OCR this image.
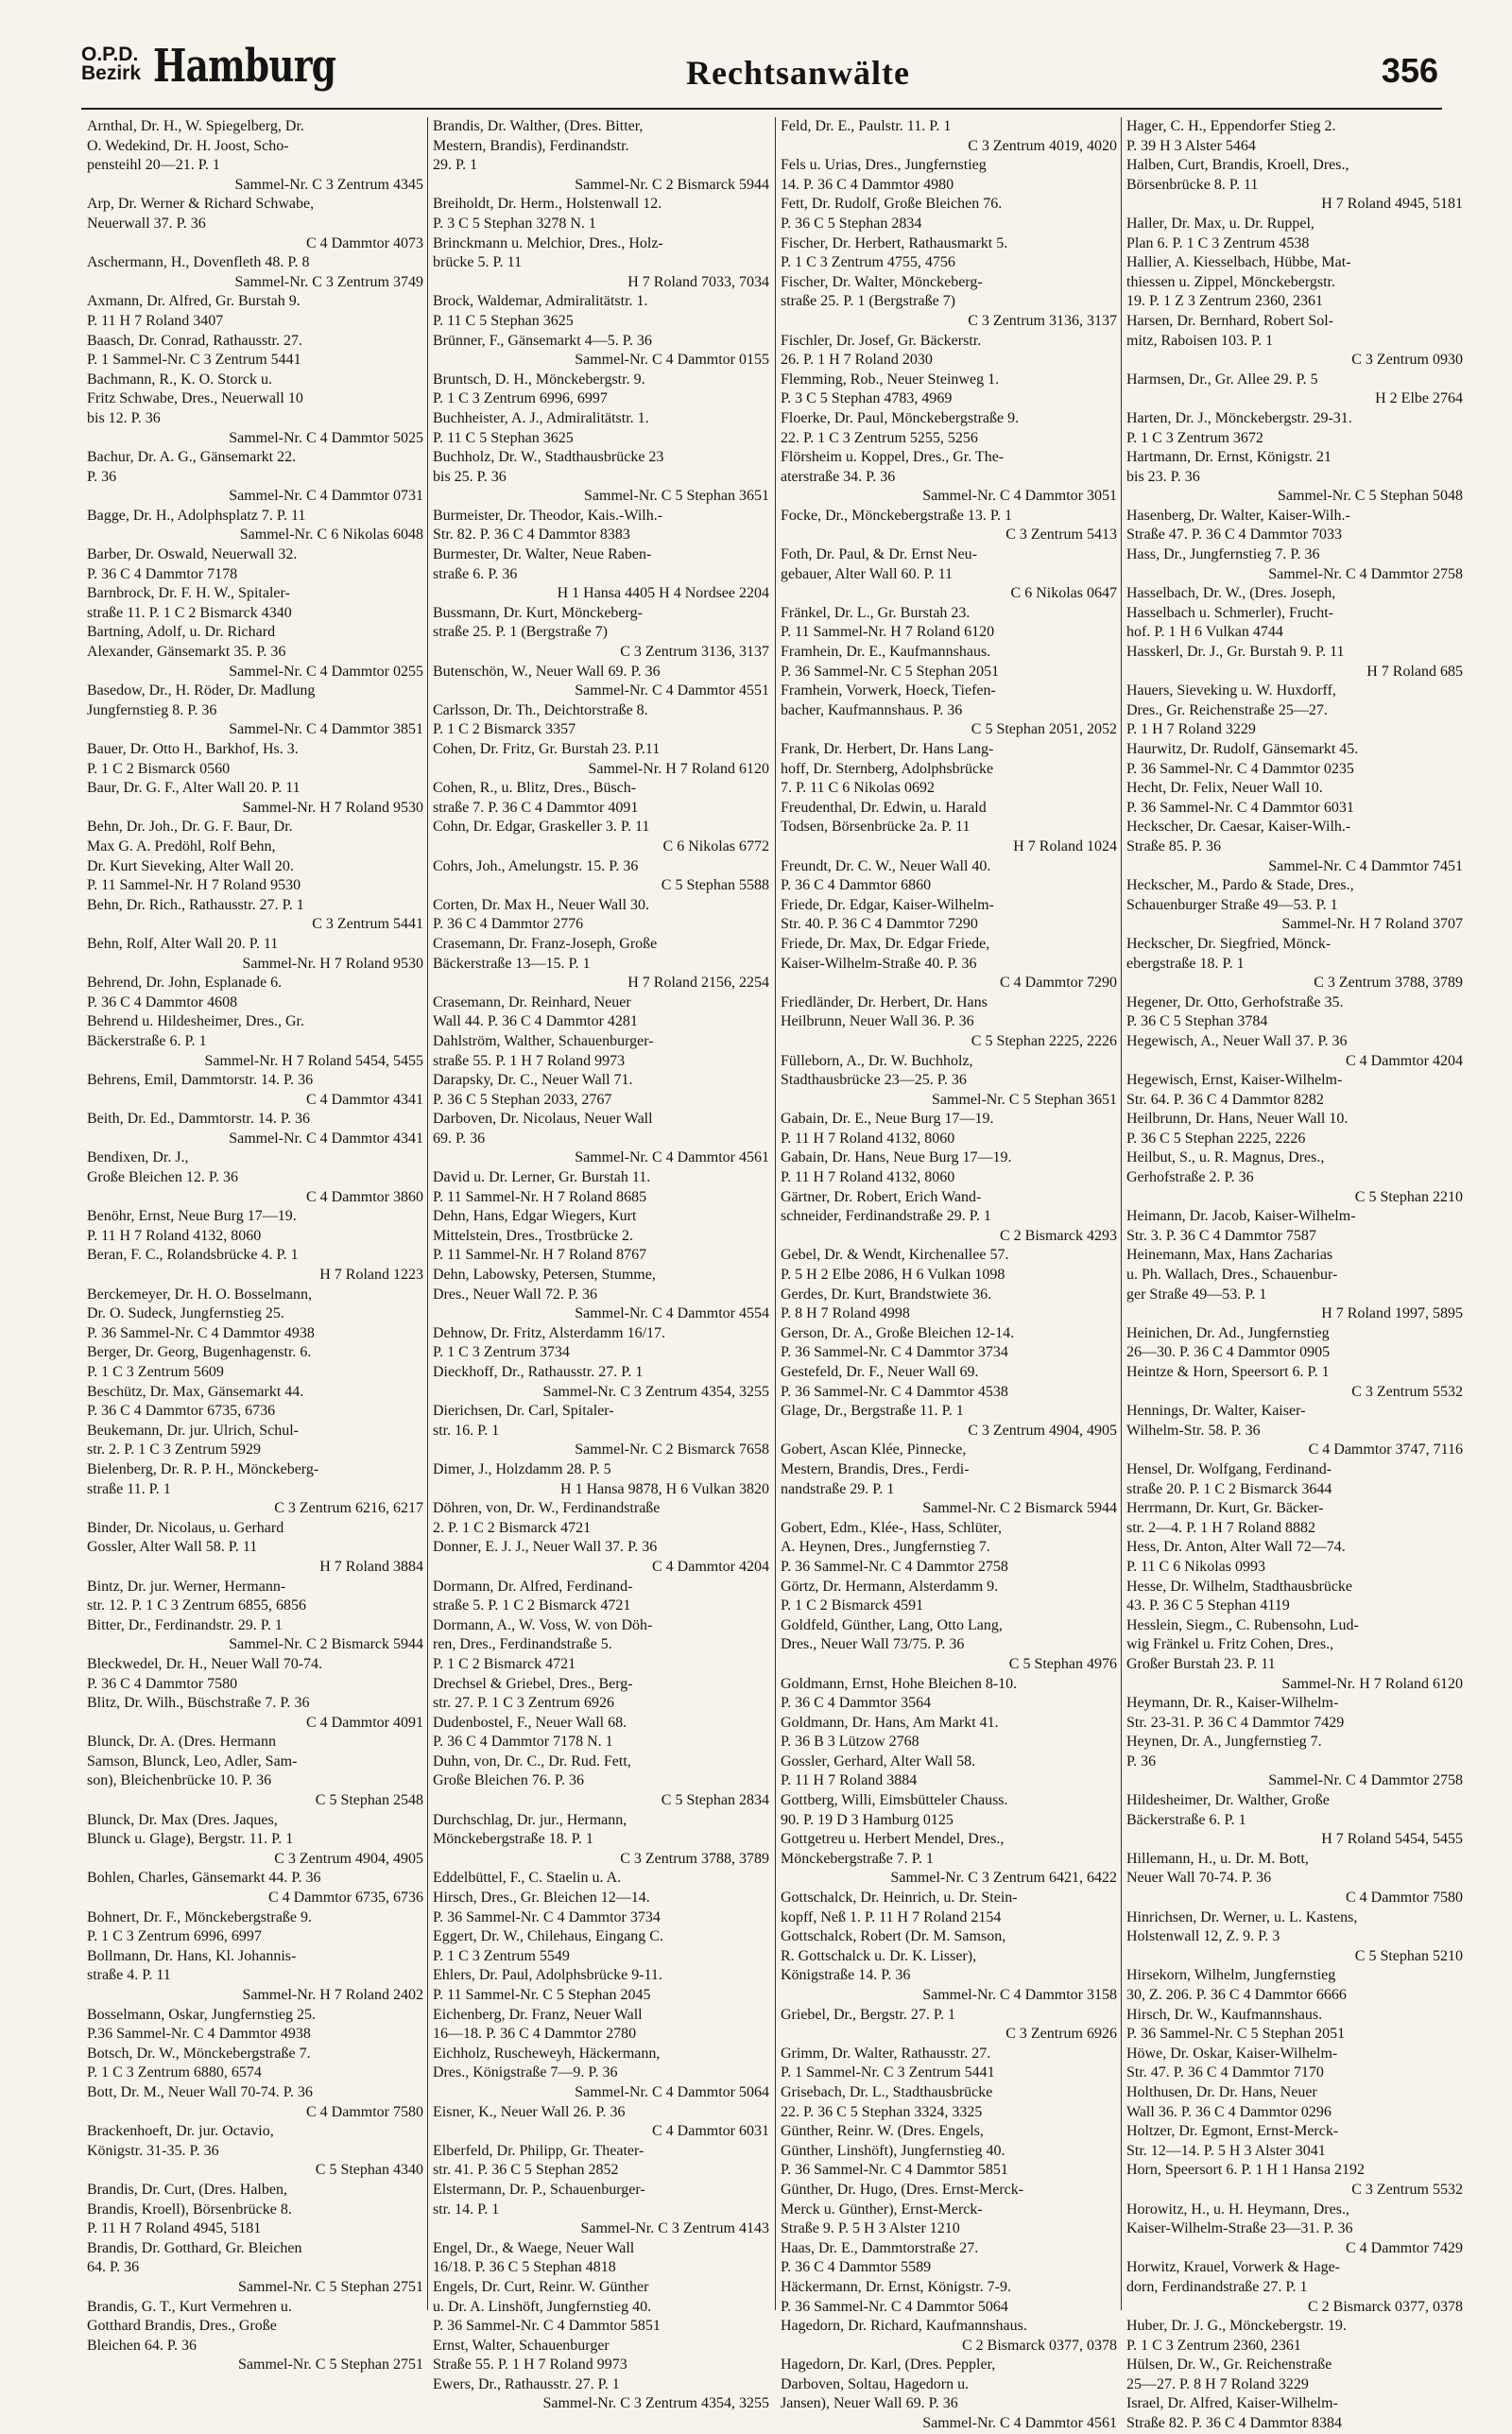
O.P.D.
Bezirk Hamburg	Rechtsanwälte	356
Arnthal, Dr. H., W. Spiegelberg, Dr.
O. Wedekind, Dr. H. Joost, Scho-
pensteihl 20—21. P. 1
Sammel-Nr. C 3 Zentrum 4345
Arp, Dr. Werner & Richard Schwabe,
Neuerwall 37. P. 36
C 4 Dammtor 4073
Aschermann, H., Dovenfleth 48. P. 8
Sammel-Nr. C 3 Zentrum 3749
Axmann, Dr. Alfred, Gr. Burstah 9.
P. 11 H 7 Roland 3407
Baasch, Dr. Conrad, Rathausstr. 27.
P. 1 Sammel-Nr. C 3 Zentrum 5441
Bachmann, R., K. O. Storck u.
Fritz Schwabe, Dres., Neuerwall 10
bis 12. P. 36
Sammel-Nr. C 4 Dammtor 5025
Bachur, Dr. A. G., Gänsemarkt 22.
P. 36
Sammel-Nr. C 4 Dammtor 0731
Bagge, Dr. H., Adolphsplatz 7. P. 11
Sammel-Nr. C 6 Nikolas 6048
Barber, Dr. Oswald, Neuerwall 32.
P. 36 C 4 Dammtor 7178
Barnbrock, Dr. F. H. W., Spitaler-
straße 11. P. 1 C 2 Bismarck 4340
Bartning, Adolf, u. Dr. Richard
Alexander, Gänsemarkt 35. P. 36
Sammel-Nr. C 4 Dammtor 0255
Basedow, Dr., H. Röder, Dr. Madlung
Jungfernstieg 8. P. 36
Sammel-Nr. C 4 Dammtor 3851
Bauer, Dr. Otto H., Barkhof, Hs. 3.
P. 1 C 2 Bismarck 0560
Baur, Dr. G. F., Alter Wall 20. P. 11
Sammel-Nr. H 7 Roland 9530
Behn, Dr. Joh., Dr. G. F. Baur, Dr.
Max G. A. Predöhl, Rolf Behn,
Dr. Kurt Sieveking, Alter Wall 20.
P. 11 Sammel-Nr. H 7 Roland 9530
Behn, Dr. Rich., Rathausstr. 27. P. 1
C 3 Zentrum 5441
Behn, Rolf, Alter Wall 20. P. 11
Sammel-Nr. H 7 Roland 9530
Behrend, Dr. John, Esplanade 6.
P. 36 C 4 Dammtor 4608
Behrend u. Hildesheimer, Dres., Gr.
Bäckerstraße 6. P. 1
Sammel-Nr. H 7 Roland 5454, 5455
Behrens, Emil, Dammtorstr. 14. P. 36
C 4 Dammtor 4341
Beith, Dr. Ed., Dammtorstr. 14. P. 36
Sammel-Nr. C 4 Dammtor 4341
Bendixen, Dr. J.,
Große Bleichen 12. P. 36
C 4 Dammtor 3860
Benöhr, Ernst, Neue Burg 17—19.
P. 11 H 7 Roland 4132, 8060
Beran, F. C., Rolandsbrücke 4. P. 1
H 7 Roland 1223
Berckemeyer, Dr. H. O. Bosselmann,
Dr. O. Sudeck, Jungfernstieg 25.
P. 36 Sammel-Nr. C 4 Dammtor 4938
Berger, Dr. Georg, Bugenhagenstr. 6.
P. 1 C 3 Zentrum 5609
Beschütz, Dr. Max, Gänsemarkt 44.
P. 36 C 4 Dammtor 6735, 6736
Beukemann, Dr. jur. Ulrich, Schul-
str. 2. P. 1 C 3 Zentrum 5929
Bielenberg, Dr. R. P. H., Mönckeberg-
straße 11. P. 1
C 3 Zentrum 6216, 6217
Binder, Dr. Nicolaus, u. Gerhard
Gossler, Alter Wall 58. P. 11
H 7 Roland 3884
Bintz, Dr. jur. Werner, Hermann-
str. 12. P. 1 C 3 Zentrum 6855, 6856
Bitter, Dr., Ferdinandstr. 29. P. 1
Sammel-Nr. C 2 Bismarck 5944
Bleckwedel, Dr. H., Neuer Wall 70-74.
P. 36 C 4 Dammtor 7580
Blitz, Dr. Wilh., Büschstraße 7. P. 36
C 4 Dammtor 4091
Blunck, Dr. A. (Dres. Hermann
Samson, Blunck, Leo, Adler, Sam-
son), Bleichenbrücke 10. P. 36
C 5 Stephan 2548
Blunck, Dr. Max (Dres. Jaques,
Blunck u. Glage), Bergstr. 11. P. 1
C 3 Zentrum 4904, 4905
Bohlen, Charles, Gänsemarkt 44. P. 36
C 4 Dammtor 6735, 6736
Bohnert, Dr. F., Mönckebergstraße 9.
P. 1 C 3 Zentrum 6996, 6997
Bollmann, Dr. Hans, Kl. Johannis-
straße 4. P. 11
Sammel-Nr. H 7 Roland 2402
Bosselmann, Oskar, Jungfernstieg 25.
P.36 Sammel-Nr. C 4 Dammtor 4938
Botsch, Dr. W., Mönckebergstraße 7.
P. 1 C 3 Zentrum 6880, 6574
Bott, Dr. M., Neuer Wall 70-74. P. 36
C 4 Dammtor 7580
Brackenhoeft, Dr. jur. Octavio,
Königstr. 31-35. P. 36
C 5 Stephan 4340
Brandis, Dr. Curt, (Dres. Halben,
Brandis, Kroell), Börsenbrücke 8.
P. 11 H 7 Roland 4945, 5181
Brandis, Dr. Gotthard, Gr. Bleichen
64. P. 36
Sammel-Nr. C 5 Stephan 2751
Brandis, G. T., Kurt Vermehren u.
Gotthard Brandis, Dres., Große
Bleichen 64. P. 36
Sammel-Nr. C 5 Stephan 2751
Brandis, Dr. Walther, (Dres. Bitter,
Mestern, Brandis), Ferdinandstr.
29. P. 1
Sammel-Nr. C 2 Bismarck 5944
Breiholdt, Dr. Herm., Holstenwall 12.
P. 3 C 5 Stephan 3278 N. 1
Brinckmann u. Melchior, Dres., Holz-
brücke 5. P. 11
H 7 Roland 7033, 7034
Brock, Waldemar, Admiralitätstr. 1.
P. 11 C 5 Stephan 3625
Brünner, F., Gänsemarkt 4—5. P. 36
Sammel-Nr. C 4 Dammtor 0155
Bruntsch, D. H., Mönckebergstr. 9.
P. 1 C 3 Zentrum 6996, 6997
Buchheister, A. J., Admiralitätstr. 1.
P. 11 C 5 Stephan 3625
Buchholz, Dr. W., Stadthausbrücke 23
bis 25. P. 36
Sammel-Nr. C 5 Stephan 3651
Burmeister, Dr. Theodor, Kais.-Wilh.-
Str. 82. P. 36 C 4 Dammtor 8383
Burmester, Dr. Walter, Neue Raben-
straße 6. P. 36
H 1 Hansa 4405 H 4 Nordsee 2204
Bussmann, Dr. Kurt, Mönckeberg-
straße 25. P. 1 (Bergstraße 7)
C 3 Zentrum 3136, 3137
Butenschön, W., Neuer Wall 69. P. 36
Sammel-Nr. C 4 Dammtor 4551
Carlsson, Dr. Th., Deichtorstraße 8.
P. 1 C 2 Bismarck 3357
Cohen, Dr. Fritz, Gr. Burstah 23. P.11
Sammel-Nr. H 7 Roland 6120
Cohen, R., u. Blitz, Dres., Büsch-
straße 7. P. 36 C 4 Dammtor 4091
Cohn, Dr. Edgar, Graskeller 3. P. 11
C 6 Nikolas 6772
Cohrs, Joh., Amelungstr. 15. P. 36
C 5 Stephan 5588
Corten, Dr. Max H., Neuer Wall 30.
P. 36 C 4 Dammtor 2776
Crasemann, Dr. Franz-Joseph, Große
Bäckerstraße 13—15. P. 1
H 7 Roland 2156, 2254
Crasemann, Dr. Reinhard, Neuer
Wall 44. P. 36 C 4 Dammtor 4281
Dahlström, Walther, Schauenburger-
straße 55. P. 1 H 7 Roland 9973
Darapsky, Dr. C., Neuer Wall 71.
P. 36 C 5 Stephan 2033, 2767
Darboven, Dr. Nicolaus, Neuer Wall
69. P. 36
Sammel-Nr. C 4 Dammtor 4561
David u. Dr. Lerner, Gr. Burstah 11.
P. 11 Sammel-Nr. H 7 Roland 8685
Dehn, Hans, Edgar Wiegers, Kurt
Mittelstein, Dres., Trostbrücke 2.
P. 11 Sammel-Nr. H 7 Roland 8767
Dehn, Labowsky, Petersen, Stumme,
Dres., Neuer Wall 72. P. 36
Sammel-Nr. C 4 Dammtor 4554
Dehnow, Dr. Fritz, Alsterdamm 16/17.
P. 1 C 3 Zentrum 3734
Dieckhoff, Dr., Rathausstr. 27. P. 1
Sammel-Nr. C 3 Zentrum 4354, 3255
Dierichsen, Dr. Carl, Spitaler-
str. 16. P. 1
Sammel-Nr. C 2 Bismarck 7658
Dimer, J., Holzdamm 28. P. 5
H 1 Hansa 9878, H 6 Vulkan 3820
Döhren, von, Dr. W., Ferdinandstraße
2. P. 1 C 2 Bismarck 4721
Donner, E. J. J., Neuer Wall 37. P. 36
C 4 Dammtor 4204
Dormann, Dr. Alfred, Ferdinand-
straße 5. P. 1 C 2 Bismarck 4721
Dormann, A., W. Voss, W. von Döh-
ren, Dres., Ferdinandstraße 5.
P. 1 C 2 Bismarck 4721
Drechsel & Griebel, Dres., Berg-
str. 27. P. 1 C 3 Zentrum 6926
Dudenbostel, F., Neuer Wall 68.
P. 36 C 4 Dammtor 7178 N. 1
Duhn, von, Dr. C., Dr. Rud. Fett,
Große Bleichen 76. P. 36
C 5 Stephan 2834
Durchschlag, Dr. jur., Hermann,
Mönckebergstraße 18. P. 1
C 3 Zentrum 3788, 3789
Eddelbüttel, F., C. Staelin u. A.
Hirsch, Dres., Gr. Bleichen 12—14.
P. 36 Sammel-Nr. C 4 Dammtor 3734
Eggert, Dr. W., Chilehaus, Eingang C.
P. 1 C 3 Zentrum 5549
Ehlers, Dr. Paul, Adolphsbrücke 9-11.
P. 11 Sammel-Nr. C 5 Stephan 2045
Eichenberg, Dr. Franz, Neuer Wall
16—18. P. 36 C 4 Dammtor 2780
Eichholz, Ruscheweyh, Häckermann,
Dres., Königstraße 7—9. P. 36
Sammel-Nr. C 4 Dammtor 5064
Eisner, K., Neuer Wall 26. P. 36
C 4 Dammtor 6031
Elberfeld, Dr. Philipp, Gr. Theater-
str. 41. P. 36 C 5 Stephan 2852
Elstermann, Dr. P., Schauenburger-
str. 14. P. 1
Sammel-Nr. C 3 Zentrum 4143
Engel, Dr., & Waege, Neuer Wall
16/18. P. 36 C 5 Stephan 4818
Engels, Dr. Curt, Reinr. W. Günther
u. Dr. A. Linshöft, Jungfernstieg 40.
P. 36 Sammel-Nr. C 4 Dammtor 5851
Ernst, Walter, Schauenburger
Straße 55. P. 1 H 7 Roland 9973
Ewers, Dr., Rathausstr. 27. P. 1
Sammel-Nr. C 3 Zentrum 4354, 3255
Feld, Dr. E., Paulstr. 11. P. 1
C 3 Zentrum 4019, 4020
Fels u. Urias, Dres., Jungfernstieg
14. P. 36 C 4 Dammtor 4980
Fett, Dr. Rudolf, Große Bleichen 76.
P. 36 C 5 Stephan 2834
Fischer, Dr. Herbert, Rathausmarkt 5.
P. 1 C 3 Zentrum 4755, 4756
Fischer, Dr. Walter, Mönckeberg-
straße 25. P. 1 (Bergstraße 7)
C 3 Zentrum 3136, 3137
Fischler, Dr. Josef, Gr. Bäckerstr.
26. P. 1 H 7 Roland 2030
Flemming, Rob., Neuer Steinweg 1.
P. 3 C 5 Stephan 4783, 4969
Floerke, Dr. Paul, Mönckebergstraße 9.
22. P. 1 C 3 Zentrum 5255, 5256
Flörsheim u. Koppel, Dres., Gr. The-
aterstraße 34. P. 36
Sammel-Nr. C 4 Dammtor 3051
Focke, Dr., Mönckebergstraße 13. P. 1
C 3 Zentrum 5413
Foth, Dr. Paul, & Dr. Ernst Neu-
gebauer, Alter Wall 60. P. 11
C 6 Nikolas 0647
Fränkel, Dr. L., Gr. Burstah 23.
P. 11 Sammel-Nr. H 7 Roland 6120
Framhein, Dr. E., Kaufmannshaus.
P. 36 Sammel-Nr. C 5 Stephan 2051
Framhein, Vorwerk, Hoeck, Tiefen-
bacher, Kaufmannshaus. P. 36
C 5 Stephan 2051, 2052
Frank, Dr. Herbert, Dr. Hans Lang-
hoff, Dr. Sternberg, Adolphsbrücke
7. P. 11 C 6 Nikolas 0692
Freudenthal, Dr. Edwin, u. Harald
Todsen, Börsenbrücke 2a. P. 11
H 7 Roland 1024
Freundt, Dr. C. W., Neuer Wall 40.
P. 36 C 4 Dammtor 6860
Friede, Dr. Edgar, Kaiser-Wilhelm-
Str. 40. P. 36 C 4 Dammtor 7290
Friede, Dr. Max, Dr. Edgar Friede,
Kaiser-Wilhelm-Straße 40. P. 36
C 4 Dammtor 7290
Friedländer, Dr. Herbert, Dr. Hans
Heilbrunn, Neuer Wall 36. P. 36
C 5 Stephan 2225, 2226
Fülleborn, A., Dr. W. Buchholz,
Stadthausbrücke 23—25. P. 36
Sammel-Nr. C 5 Stephan 3651
Gabain, Dr. E., Neue Burg 17—19.
P. 11 H 7 Roland 4132, 8060
Gabain, Dr. Hans, Neue Burg 17—19.
P. 11 H 7 Roland 4132, 8060
Gärtner, Dr. Robert, Erich Wand-
schneider, Ferdinandstraße 29. P. 1
C 2 Bismarck 4293
Gebel, Dr. & Wendt, Kirchenallee 57.
P. 5 H 2 Elbe 2086, H 6 Vulkan 1098
Gerdes, Dr. Kurt, Brandstwiete 36.
P. 8 H 7 Roland 4998
Gerson, Dr. A., Große Bleichen 12-14.
P. 36 Sammel-Nr. C 4 Dammtor 3734
Gestefeld, Dr. F., Neuer Wall 69.
P. 36 Sammel-Nr. C 4 Dammtor 4538
Glage, Dr., Bergstraße 11. P. 1
C 3 Zentrum 4904, 4905
Gobert, Ascan Klée, Pinnecke,
Mestern, Brandis, Dres., Ferdi-
nandstraße 29. P. 1
Sammel-Nr. C 2 Bismarck 5944
Gobert, Edm., Klée-, Hass, Schlüter,
A. Heynen, Dres., Jungfernstieg 7.
P. 36 Sammel-Nr. C 4 Dammtor 2758
Görtz, Dr. Hermann, Alsterdamm 9.
P. 1 C 2 Bismarck 4591
Goldfeld, Günther, Lang, Otto Lang,
Dres., Neuer Wall 73/75. P. 36
C 5 Stephan 4976
Goldmann, Ernst, Hohe Bleichen 8-10.
P. 36 C 4 Dammtor 3564
Goldmann, Dr. Hans, Am Markt 41.
P. 36 B 3 Lützow 2768
Gossler, Gerhard, Alter Wall 58.
P. 11 H 7 Roland 3884
Gottberg, Willi, Eimsbütteler Chauss.
90. P. 19 D 3 Hamburg 0125
Gottgetreu u. Herbert Mendel, Dres.,
Mönckebergstraße 7. P. 1
Sammel-Nr. C 3 Zentrum 6421, 6422
Gottschalck, Dr. Heinrich, u. Dr. Stein-
kopff, Neß 1. P. 11 H 7 Roland 2154
Gottschalck, Robert (Dr. M. Samson,
R. Gottschalck u. Dr. K. Lisser),
Königstraße 14. P. 36
Sammel-Nr. C 4 Dammtor 3158
Griebel, Dr., Bergstr. 27. P. 1
C 3 Zentrum 6926
Grimm, Dr. Walter, Rathausstr. 27.
P. 1 Sammel-Nr. C 3 Zentrum 5441
Grisebach, Dr. L., Stadthausbrücke
22. P. 36 C 5 Stephan 3324, 3325
Günther, Reinr. W. (Dres. Engels,
Günther, Linshöft), Jungfernstieg 40.
P. 36 Sammel-Nr. C 4 Dammtor 5851
Günther, Dr. Hugo, (Dres. Ernst-Merck-
Merck u. Günther), Ernst-Merck-
Straße 9. P. 5 H 3 Alster 1210
Haas, Dr. E., Dammtorstraße 27.
P. 36 C 4 Dammtor 5589
Häckermann, Dr. Ernst, Königstr. 7-9.
P. 36 Sammel-Nr. C 4 Dammtor 5064
Hagedorn, Dr. Richard, Kaufmannshaus.
C 2 Bismarck 0377, 0378
Hagedorn, Dr. Karl, (Dres. Peppler,
Darboven, Soltau, Hagedorn u.
Jansen), Neuer Wall 69. P. 36
Sammel-Nr. C 4 Dammtor 4561
Hager, C. H., Eppendorfer Stieg 2.
P. 39 H 3 Alster 5464
Halben, Curt, Brandis, Kroell, Dres.,
Börsenbrücke 8. P. 11
H 7 Roland 4945, 5181
Haller, Dr. Max, u. Dr. Ruppel,
Plan 6. P. 1 C 3 Zentrum 4538
Hallier, A. Kiesselbach, Hübbe, Mat-
thiessen u. Zippel, Mönckebergstr.
19. P. 1 Z 3 Zentrum 2360, 2361
Harsen, Dr. Bernhard, Robert Sol-
mitz, Raboisen 103. P. 1
C 3 Zentrum 0930
Harmsen, Dr., Gr. Allee 29. P. 5
H 2 Elbe 2764
Harten, Dr. J., Mönckebergstr. 29-31.
P. 1 C 3 Zentrum 3672
Hartmann, Dr. Ernst, Königstr. 21
bis 23. P. 36
Sammel-Nr. C 5 Stephan 5048
Hasenberg, Dr. Walter, Kaiser-Wilh.-
Straße 47. P. 36 C 4 Dammtor 7033
Hass, Dr., Jungfernstieg 7. P. 36
Sammel-Nr. C 4 Dammtor 2758
Hasselbach, Dr. W., (Dres. Joseph,
Hasselbach u. Schmerler), Frucht-
hof. P. 1 H 6 Vulkan 4744
Hasskerl, Dr. J., Gr. Burstah 9. P. 11
H 7 Roland 685
Hauers, Sieveking u. W. Huxdorff,
Dres., Gr. Reichenstraße 25—27.
P. 1 H 7 Roland 3229
Haurwitz, Dr. Rudolf, Gänsemarkt 45.
P. 36 Sammel-Nr. C 4 Dammtor 0235
Hecht, Dr. Felix, Neuer Wall 10.
P. 36 Sammel-Nr. C 4 Dammtor 6031
Heckscher, Dr. Caesar, Kaiser-Wilh.-
Straße 85. P. 36
Sammel-Nr. C 4 Dammtor 7451
Heckscher, M., Pardo & Stade, Dres.,
Schauenburger Straße 49—53. P. 1
Sammel-Nr. H 7 Roland 3707
Heckscher, Dr. Siegfried, Mönck-
ebergstraße 18. P. 1
C 3 Zentrum 3788, 3789
Hegener, Dr. Otto, Gerhofstraße 35.
P. 36 C 5 Stephan 3784
Hegewisch, A., Neuer Wall 37. P. 36
C 4 Dammtor 4204
Hegewisch, Ernst, Kaiser-Wilhelm-
Str. 64. P. 36 C 4 Dammtor 8282
Heilbrunn, Dr. Hans, Neuer Wall 10.
P. 36 C 5 Stephan 2225, 2226
Heilbut, S., u. R. Magnus, Dres.,
Gerhofstraße 2. P. 36
C 5 Stephan 2210
Heimann, Dr. Jacob, Kaiser-Wilhelm-
Str. 3. P. 36 C 4 Dammtor 7587
Heinemann, Max, Hans Zacharias
u. Ph. Wallach, Dres., Schauenbur-
ger Straße 49—53. P. 1
H 7 Roland 1997, 5895
Heinichen, Dr. Ad., Jungfernstieg
26—30. P. 36 C 4 Dammtor 0905
Heintze & Horn, Speersort 6. P. 1
C 3 Zentrum 5532
Hennings, Dr. Walter, Kaiser-
Wilhelm-Str. 58. P. 36
C 4 Dammtor 3747, 7116
Hensel, Dr. Wolfgang, Ferdinand-
straße 20. P. 1 C 2 Bismarck 3644
Herrmann, Dr. Kurt, Gr. Bäcker-
str. 2—4. P. 1 H 7 Roland 8882
Hess, Dr. Anton, Alter Wall 72—74.
P. 11 C 6 Nikolas 0993
Hesse, Dr. Wilhelm, Stadthausbrücke
43. P. 36 C 5 Stephan 4119
Hesslein, Siegm., C. Rubensohn, Lud-
wig Fränkel u. Fritz Cohen, Dres.,
Großer Burstah 23. P. 11
Sammel-Nr. H 7 Roland 6120
Heymann, Dr. R., Kaiser-Wilhelm-
Str. 23-31. P. 36 C 4 Dammtor 7429
Heynen, Dr. A., Jungfernstieg 7.
P. 36
Sammel-Nr. C 4 Dammtor 2758
Hildesheimer, Dr. Walther, Große
Bäckerstraße 6. P. 1
H 7 Roland 5454, 5455
Hillemann, H., u. Dr. M. Bott,
Neuer Wall 70-74. P. 36
C 4 Dammtor 7580
Hinrichsen, Dr. Werner, u. L. Kastens,
Holstenwall 12, Z. 9. P. 3
C 5 Stephan 5210
Hirsekorn, Wilhelm, Jungfernstieg
30, Z. 206. P. 36 C 4 Dammtor 6666
Hirsch, Dr. W., Kaufmannshaus.
P. 36 Sammel-Nr. C 5 Stephan 2051
Höwe, Dr. Oskar, Kaiser-Wilhelm-
Str. 47. P. 36 C 4 Dammtor 7170
Holthusen, Dr. Dr. Hans, Neuer
Wall 36. P. 36 C 4 Dammtor 0296
Holtzer, Dr. Egmont, Ernst-Merck-
Str. 12—14. P. 5 H 3 Alster 3041
Horn, Speersort 6. P. 1 H 1 Hansa 2192
C 3 Zentrum 5532
Horowitz, H., u. H. Heymann, Dres.,
Kaiser-Wilhelm-Straße 23—31. P. 36
C 4 Dammtor 7429
Horwitz, Krauel, Vorwerk & Hage-
dorn, Ferdinandstraße 27. P. 1
C 2 Bismarck 0377, 0378
Huber, Dr. J. G., Mönckebergstr. 19.
P. 1 C 3 Zentrum 2360, 2361
Hülsen, Dr. W., Gr. Reichenstraße
25—27. P. 8 H 7 Roland 3229
Israel, Dr. Alfred, Kaiser-Wilhelm-
Straße 82. P. 36 C 4 Dammtor 8384
